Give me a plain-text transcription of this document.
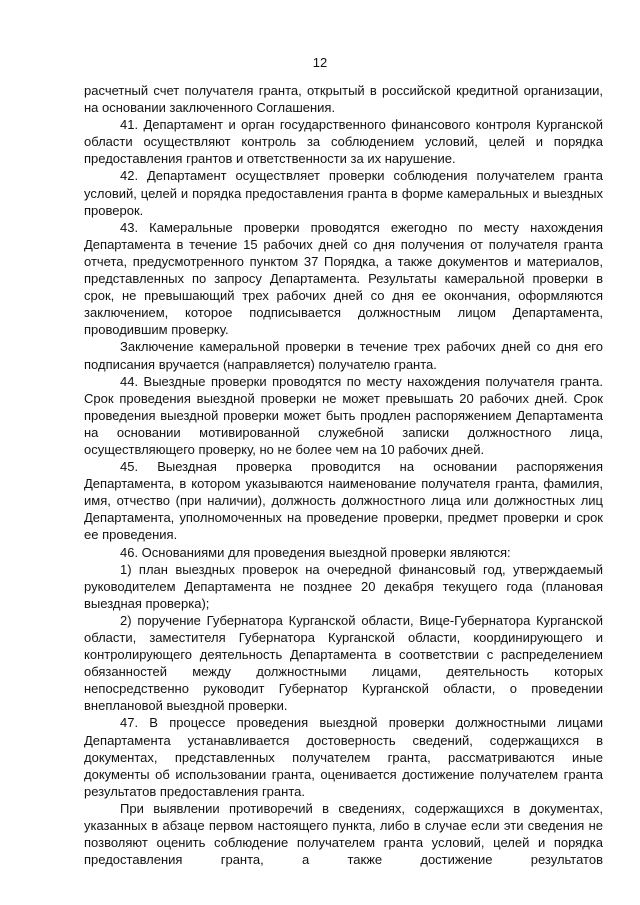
12

расчетный счет получателя гранта, открытый в российской кредитной организации, на основании заключенного Соглашения.

41. Департамент и орган государственного финансового контроля Курганской области осуществляют контроль за соблюдением условий, целей и порядка предоставления грантов и ответственности за их нарушение.

42. Департамент осуществляет проверки соблюдения получателем гранта условий, целей и порядка предоставления гранта в форме камеральных и выездных проверок.

43. Камеральные проверки проводятся ежегодно по месту нахождения Департамента в течение 15 рабочих дней со дня получения от получателя гранта отчета, предусмотренного пунктом 37 Порядка, а также документов и материалов, представленных по запросу Департамента. Результаты камеральной проверки в срок, не превышающий трех рабочих дней со дня ее окончания, оформляются заключением, которое подписывается должностным лицом Департамента, проводившим проверку.

Заключение камеральной проверки в течение трех рабочих дней со дня его подписания вручается (направляется) получателю гранта.

44. Выездные проверки проводятся по месту нахождения получателя гранта. Срок проведения выездной проверки не может превышать 20 рабочих дней. Срок проведения выездной проверки может быть продлен распоряжением Департамента на основании мотивированной служебной записки должностного лица, осуществляющего проверку, но не более чем на 10 рабочих дней.

45. Выездная проверка проводится на основании распоряжения Департамента, в котором указываются наименование получателя гранта, фамилия, имя, отчество (при наличии), должность должностного лица или должностных лиц Департамента, уполномоченных на проведение проверки, предмет проверки и срок ее проведения.

46. Основаниями для проведения выездной проверки являются:

1) план выездных проверок на очередной финансовый год, утверждаемый руководителем Департамента не позднее 20 декабря текущего года (плановая выездная проверка);

2) поручение Губернатора Курганской области, Вице-Губернатора Курганской области, заместителя Губернатора Курганской области, координирующего и контролирующего деятельность Департамента в соответствии с распределением обязанностей между должностными лицами, деятельность которых непосредственно руководит Губернатор Курганской области, о проведении внеплановой выездной проверки.

47. В процессе проведения выездной проверки должностными лицами Департамента устанавливается достоверность сведений, содержащихся в документах, представленных получателем гранта, рассматриваются иные документы об использовании гранта, оценивается достижение получателем гранта результатов предоставления гранта.

При выявлении противоречий в сведениях, содержащихся в документах, указанных в абзаце первом настоящего пункта, либо в случае если эти сведения не позволяют оценить соблюдение получателем гранта условий, целей и порядка предоставления гранта, а также достижение результатов
